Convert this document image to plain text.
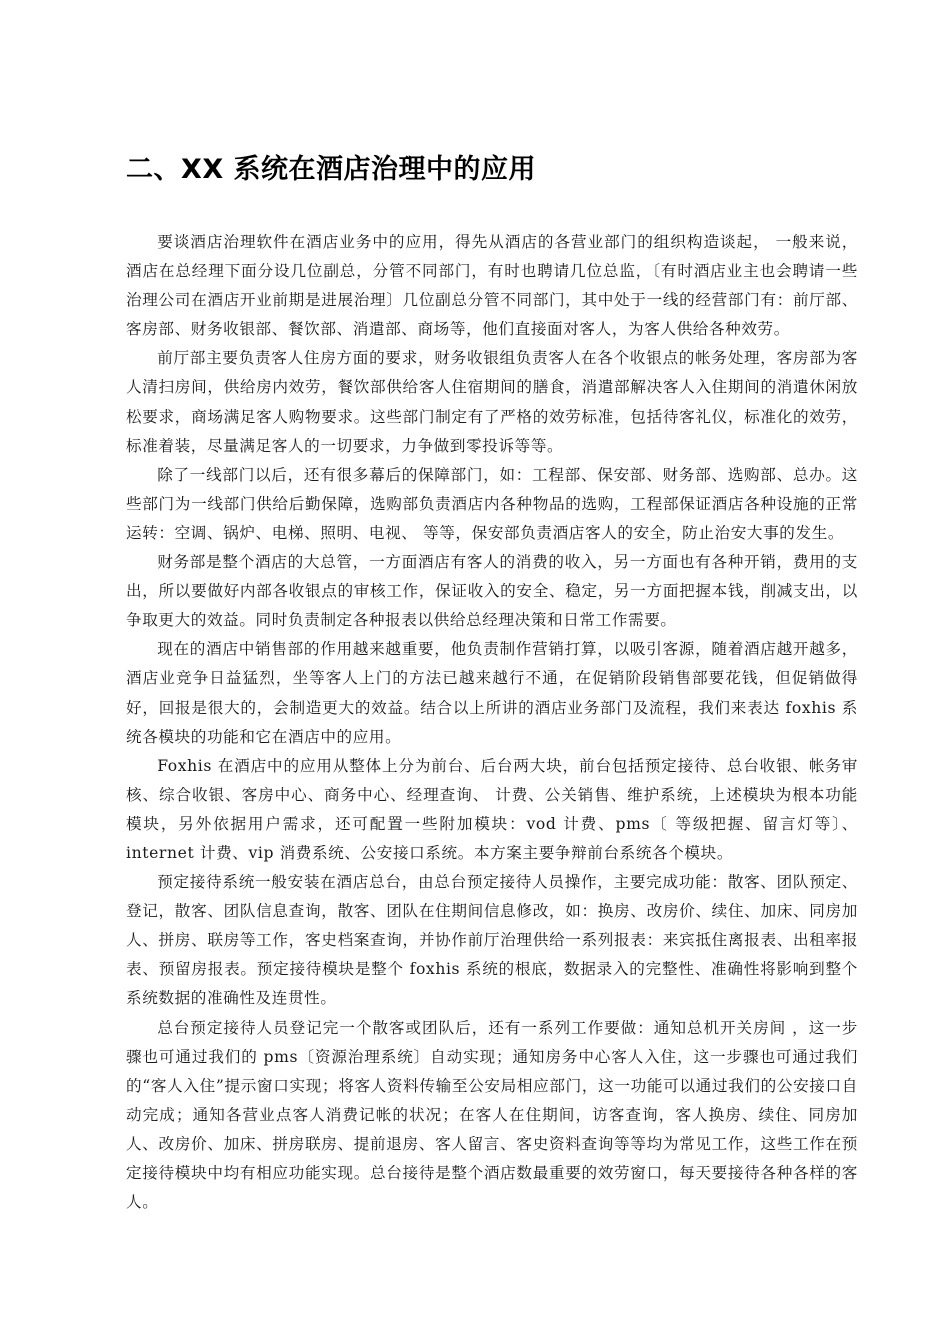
二、XX 系统在酒店治理中的应用

要谈酒店治理软件在酒店业务中的应用，得先从酒店的各营业部门的组织构造谈起， 一般来说，酒店在总经理下面分设几位副总，分管不同部门，有时也聘请几位总监，〔有时酒店业主也会聘请一些治理公司在酒店开业前期是进展治理〕几位副总分管不同部门，其中处于一线的经营部门有：前厅部、客房部、财务收银部、餐饮部、消遣部、商场等，他们直接面对客人，为客人供给各种效劳。

前厅部主要负责客人住房方面的要求，财务收银组负责客人在各个收银点的帐务处理，客房部为客人清扫房间，供给房内效劳，餐饮部供给客人住宿期间的膳食，消遣部解决客人入住期间的消遣休闲放松要求，商场满足客人购物要求。这些部门制定有了严格的效劳标准，包括待客礼仪，标准化的效劳，标准着装，尽量满足客人的一切要求，力争做到零投诉等等。

除了一线部门以后，还有很多幕后的保障部门，如：工程部、保安部、财务部、选购部、总办。这些部门为一线部门供给后勤保障，选购部负责酒店内各种物品的选购，工程部保证酒店各种设施的正常运转：空调、锅炉、电梯、照明、电视、 等等，保安部负责酒店客人的安全，防止治安大事的发生。

财务部是整个酒店的大总管，一方面酒店有客人的消费的收入，另一方面也有各种开销，费用的支出，所以要做好内部各收银点的审核工作，保证收入的安全、稳定，另一方面把握本钱，削减支出，以争取更大的效益。同时负责制定各种报表以供给总经理决策和日常工作需要。

现在的酒店中销售部的作用越来越重要，他负责制作营销打算，以吸引客源，随着酒店越开越多，酒店业竞争日益猛烈，坐等客人上门的方法已越来越行不通，在促销阶段销售部要花钱，但促销做得好，回报是很大的，会制造更大的效益。结合以上所讲的酒店业务部门及流程，我们来表达 foxhis 系统各模块的功能和它在酒店中的应用。

Foxhis 在酒店中的应用从整体上分为前台、后台两大块，前台包括预定接待、总台收银、帐务审核、综合收银、客房中心、商务中心、经理查询、 计费、公关销售、维护系统，上述模块为根本功能模块，另外依据用户需求，还可配置一些附加模块：vod 计费、pms〔 等级把握、留言灯等〕、internet 计费、vip 消费系统、公安接口系统。本方案主要争辩前台系统各个模块。

预定接待系统一般安装在酒店总台，由总台预定接待人员操作，主要完成功能：散客、团队预定、登记，散客、团队信息查询，散客、团队在住期间信息修改，如：换房、改房价、续住、加床、同房加人、拼房、联房等工作，客史档案查询，并协作前厅治理供给一系列报表：来宾抵住离报表、出租率报表、预留房报表。预定接待模块是整个 foxhis 系统的根底，数据录入的完整性、准确性将影响到整个系统数据的准确性及连贯性。

总台预定接待人员登记完一个散客或团队后，还有一系列工作要做：通知总机开关房间 ，这一步骤也可通过我们的 pms〔资源治理系统〕自动实现；通知房务中心客人入住，这一步骤也可通过我们的“客人入住”提示窗口实现；将客人资料传输至公安局相应部门，这一功能可以通过我们的公安接口自动完成；通知各营业点客人消费记帐的状况；在客人在住期间，访客查询，客人换房、续住、同房加人、改房价、加床、拼房联房、提前退房、客人留言、客史资料查询等等均为常见工作，这些工作在预定接待模块中均有相应功能实现。总台接待是整个酒店数最重要的效劳窗口，每天要接待各种各样的客人。
